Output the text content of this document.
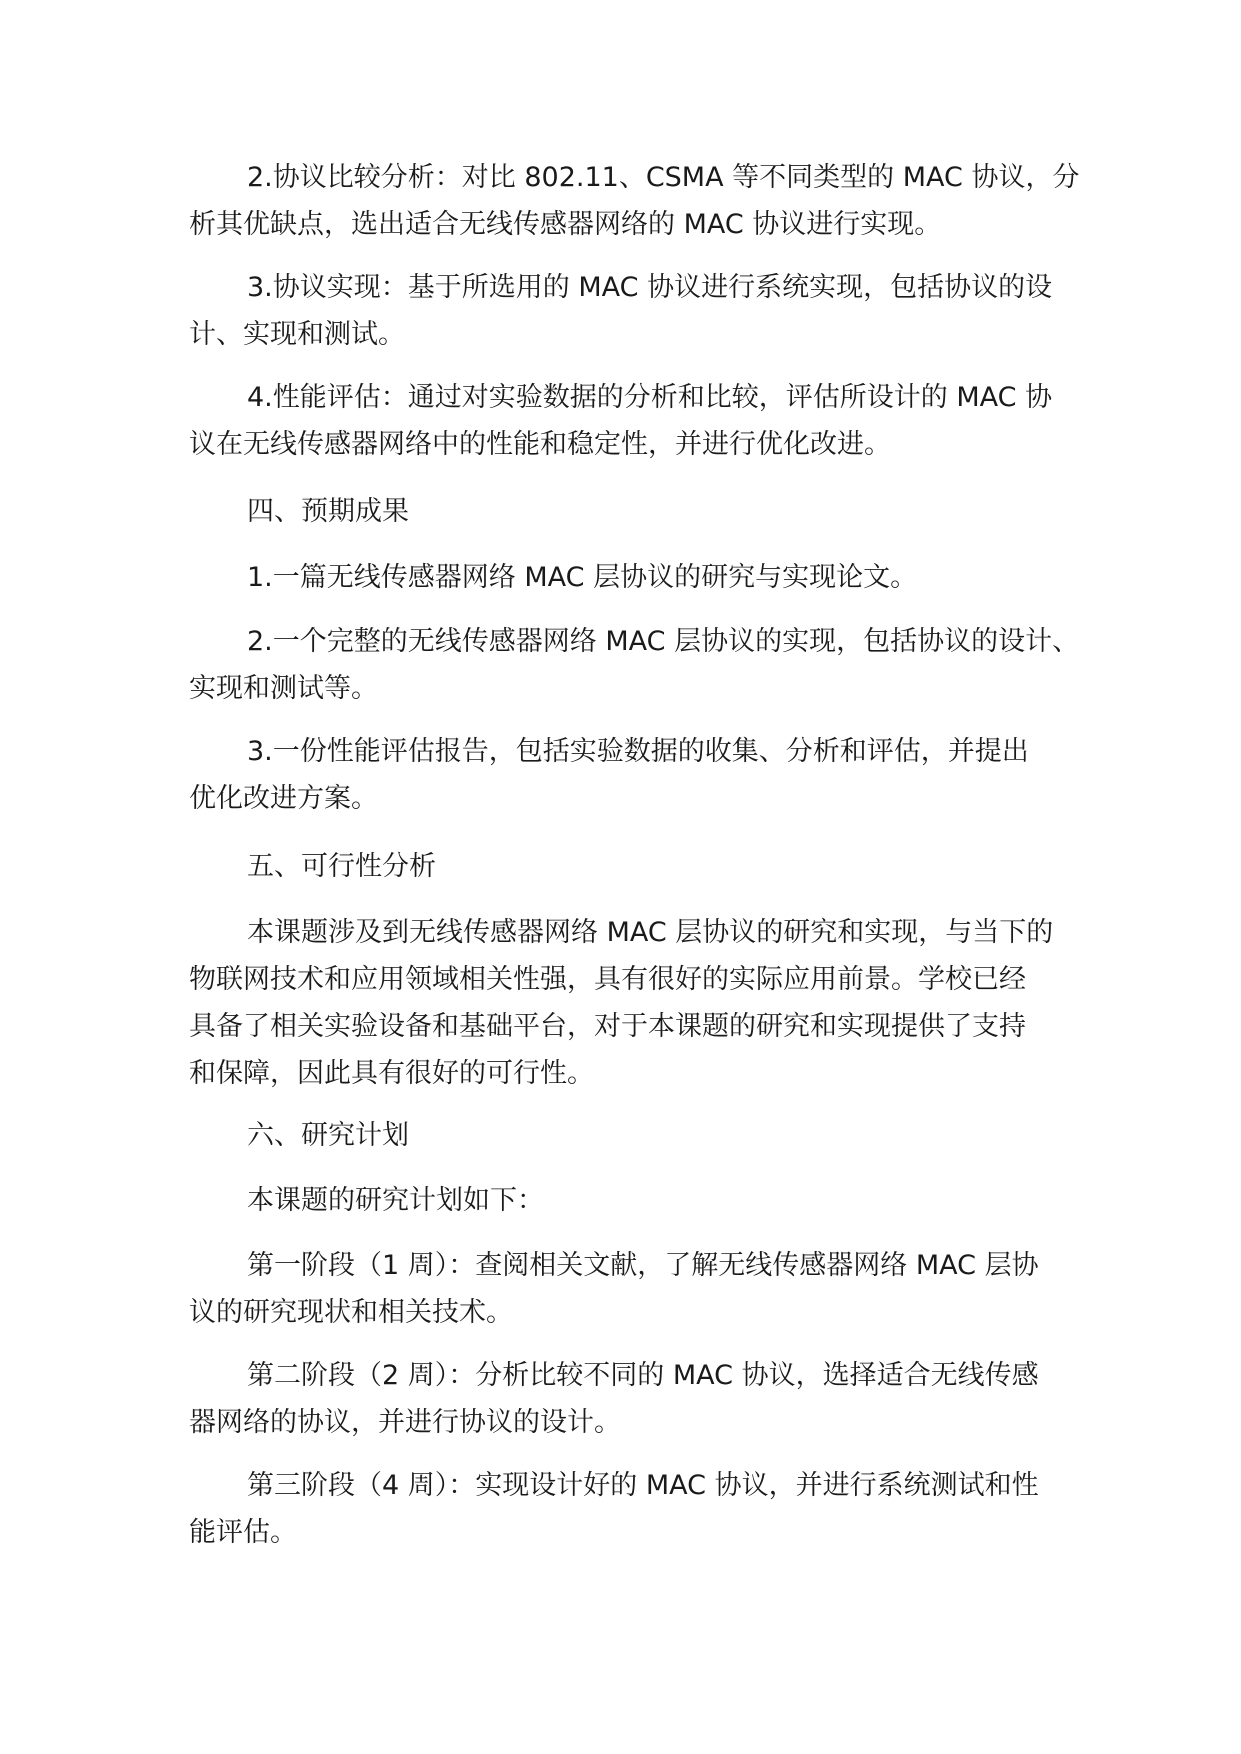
2.协议比较分析：对比 802.11、CSMA 等不同类型的 MAC 协议，分
析其优缺点，选出适合无线传感器网络的 MAC 协议进行实现。
3.协议实现：基于所选用的 MAC 协议进行系统实现，包括协议的设
计、实现和测试。
4.性能评估：通过对实验数据的分析和比较，评估所设计的 MAC 协
议在无线传感器网络中的性能和稳定性，并进行优化改进。
四、预期成果
1.一篇无线传感器网络 MAC 层协议的研究与实现论文。
2.一个完整的无线传感器网络 MAC 层协议的实现，包括协议的设计、
实现和测试等。
3.一份性能评估报告，包括实验数据的收集、分析和评估，并提出
优化改进方案。
五、可行性分析
本课题涉及到无线传感器网络 MAC 层协议的研究和实现，与当下的
物联网技术和应用领域相关性强，具有很好的实际应用前景。学校已经
具备了相关实验设备和基础平台，对于本课题的研究和实现提供了支持
和保障，因此具有很好的可行性。
六、研究计划
本课题的研究计划如下：
第一阶段（1 周）：查阅相关文献，了解无线传感器网络 MAC 层协
议的研究现状和相关技术。
第二阶段（2 周）：分析比较不同的 MAC 协议，选择适合无线传感
器网络的协议，并进行协议的设计。
第三阶段（4 周）：实现设计好的 MAC 协议，并进行系统测试和性
能评估。
